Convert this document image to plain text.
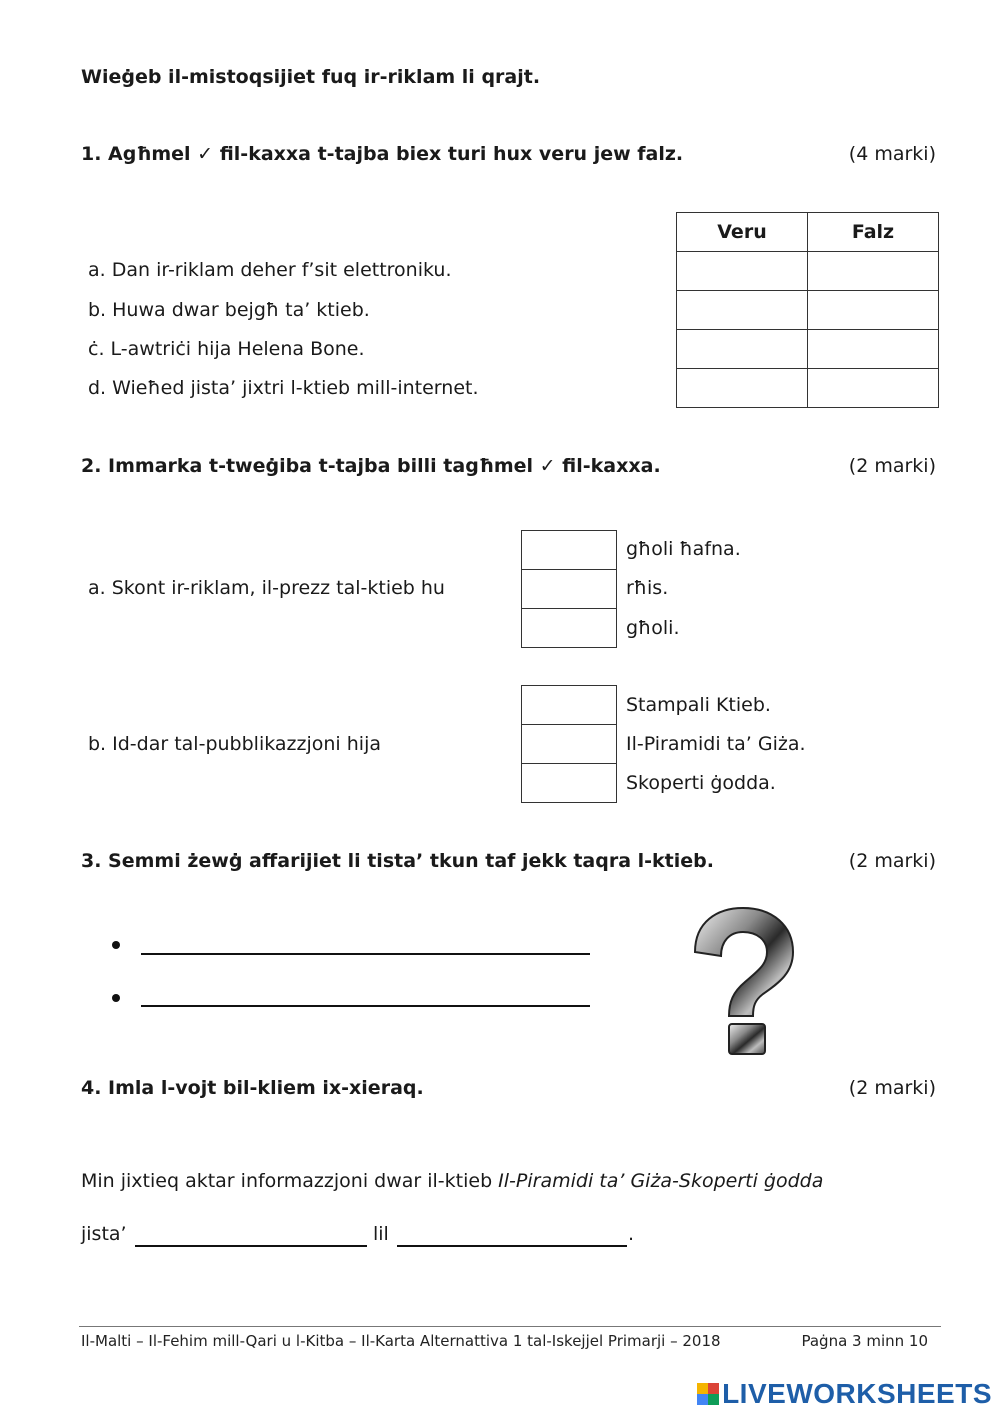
Wieġeb il-mistoqsijiet fuq ir-riklam li qrajt.
1. Agħmel ✓ fil-kaxxa t-tajba biex turi hux veru jew falz.	(4 marki)
a. Dan ir-riklam deher f’sit elettroniku.
b. Huwa dwar bejgħ ta’ ktieb.
ċ. L-awtriċi hija Helena Bone.
d. Wieħed jista’ jixtri l-ktieb mill-internet.
Veru	Falz

2. Immarka t-tweġiba t-tajba billi tagħmel ✓ fil-kaxxa.	(2 marki)
a. Skont ir-riklam, il-prezz tal-ktieb hu
għoli ħafna.
rħis.
għoli.
b. Id-dar tal-pubblikazzjoni hija
Stampali Ktieb.
Il-Piramidi ta’ Giża.
Skoperti ġodda.
3. Semmi żewġ affarijiet li tista’ tkun taf jekk taqra l-ktieb.	(2 marki)
4. Imla l-vojt bil-kliem ix-xieraq.	(2 marki)
Min jixtieq aktar informazzjoni dwar il-ktieb Il-Piramidi ta’ Giża-Skoperti ġodda
jista’	lil	.
Il-Malti – Il-Fehim mill-Qari u l-Kitba – Il-Karta Alternattiva 1 tal-Iskejjel Primarji – 2018	Paġna 3 minn 10
LIVEWORKSHEETS
